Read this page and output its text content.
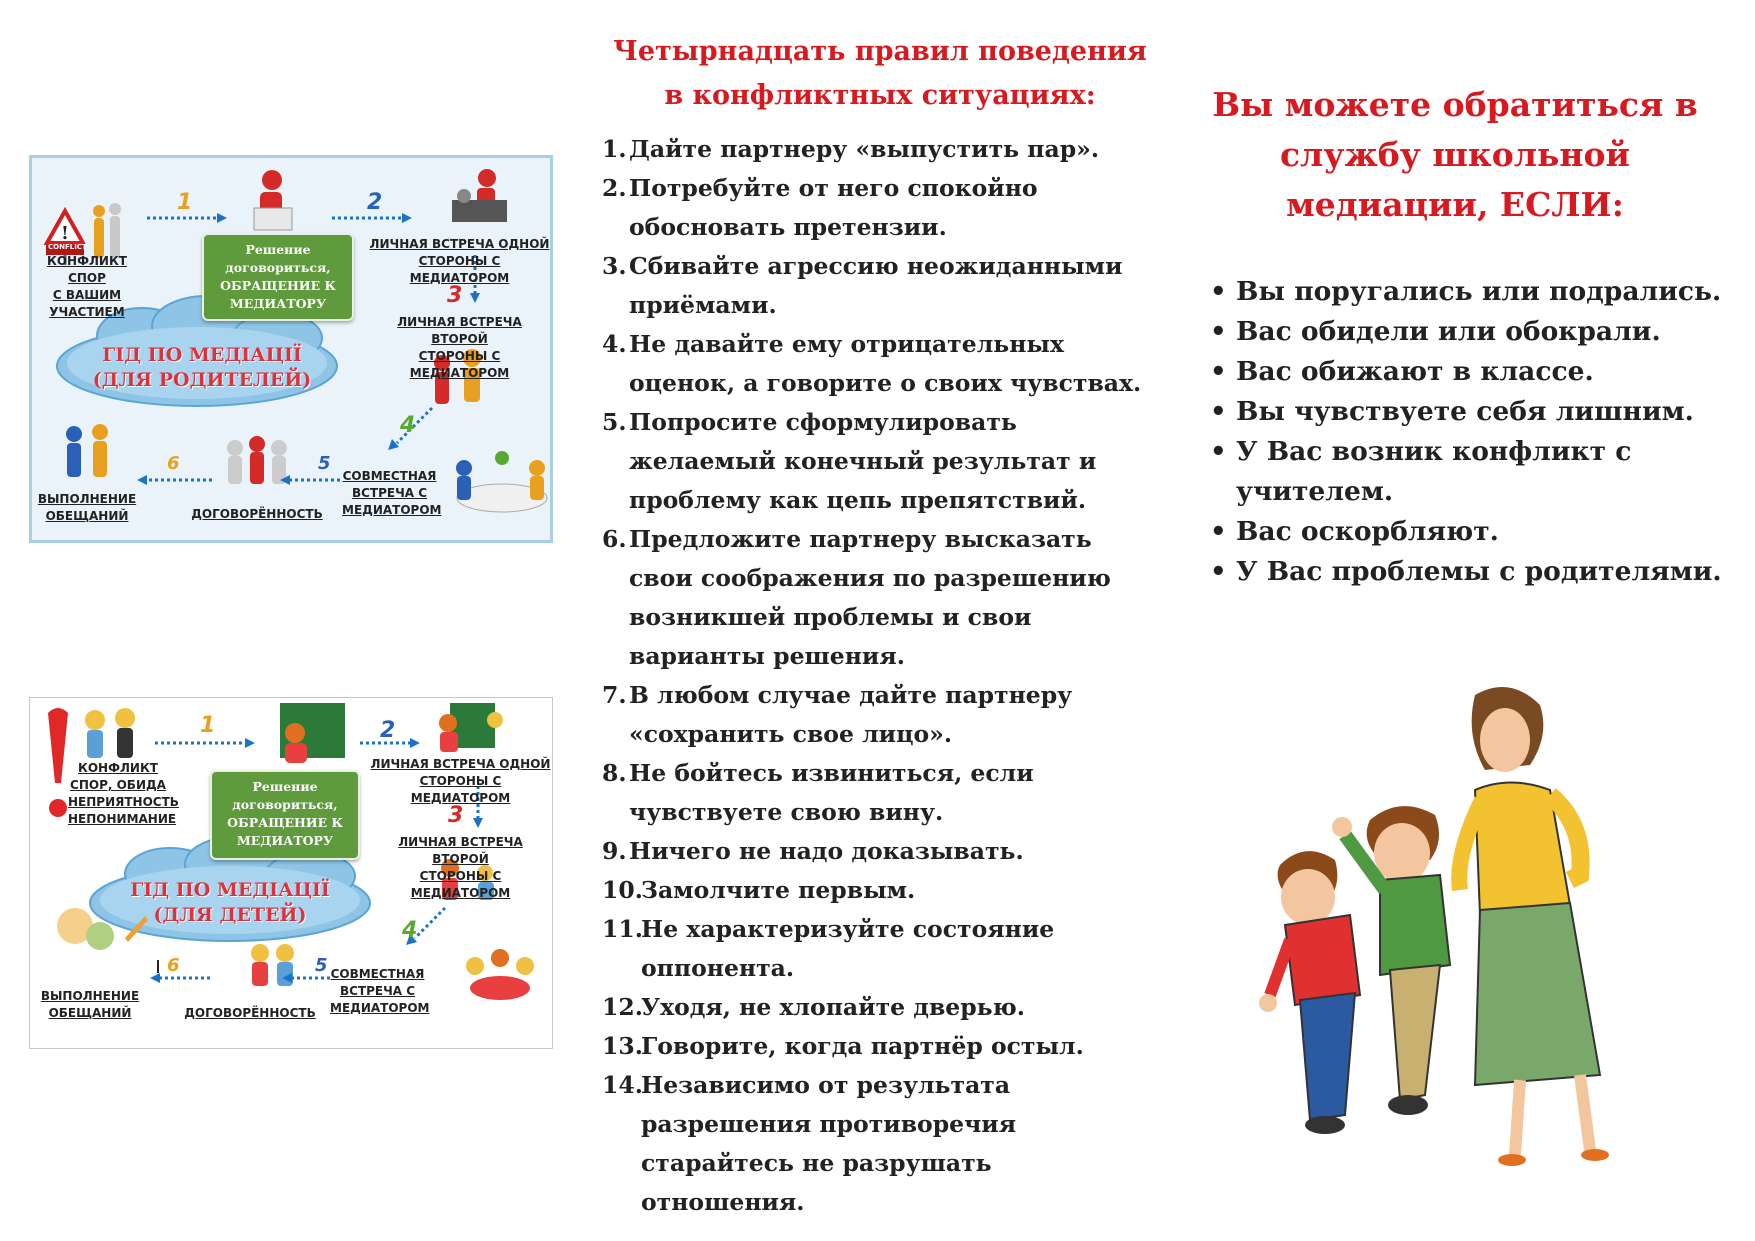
!
CONFLICT
1	2
3
4
5
6
Решение договориться, ОБРАЩЕНИЕ К МЕДИАТОРУ
ГІД ПО МЕДІАЦІЇ
(ДЛЯ РОДИТЕЛЕЙ)
КОНФЛИКТ
СПОР
С ВАШИМ
УЧАСТИЕМ
ЛИЧНАЯ ВСТРЕЧА ОДНОЙ
СТОРОНЫ С МЕДИАТОРОМ
ЛИЧНАЯ ВСТРЕЧА ВТОРОЙ
СТОРОНЫ С МЕДИАТОРОМ
СОВМЕСТНАЯ
ВСТРЕЧА С
МЕДИАТОРОМ
ДОГОВОРЁННОСТЬ
ВЫПОЛНЕНИЕ
ОБЕЩАНИЙ
1	2
3
4
5
6
Решение договориться, ОБРАЩЕНИЕ К МЕДИАТОРУ
ГІД ПО МЕДІАЦІЇ
(ДЛЯ ДЕТЕЙ)
КОНФЛИКТ
СПОР, ОБИДА
НЕПРИЯТНОСТЬ
НЕПОНИМАНИЕ
ЛИЧНАЯ ВСТРЕЧА ОДНОЙ
СТОРОНЫ С МЕДИАТОРОМ
ЛИЧНАЯ ВСТРЕЧА ВТОРОЙ
СТОРОНЫ С МЕДИАТОРОМ
СОВМЕСТНАЯ
ВСТРЕЧА С
МЕДИАТОРОМ
ДОГОВОРЁННОСТЬ
ВЫПОЛНЕНИЕ
ОБЕЩАНИЙ
Четырнадцать правил поведения в конфликтных ситуациях:
1. Дайте партнеру «выпустить пар».
2. Потребуйте от него спокойно обосновать претензии.
3. Сбивайте агрессию неожиданными приёмами.
4. Не давайте ему отрицательных оценок, а говорите о своих чувствах.
5. Попросите сформулировать желаемый конечный результат и проблему как цепь препятствий.
6. Предложите партнеру высказать свои соображения по разрешению возникшей проблемы и свои варианты решения.
7. В любом случае дайте партнеру «сохранить свое лицо».
8. Не бойтесь извиниться, если чувствуете свою вину.
9. Ничего не надо доказывать.
10.
Замолчите первым.
11.
Не характеризуйте состояние оппонента.
12.
Уходя, не хлопайте дверью.
13.
Говорите, когда партнёр остыл.
14.
Независимо от результата разрешения противоречия старайтесь не разрушать отношения.
Вы можете обратиться в службу школьной медиации, ЕСЛИ:
• Вы поругались или подрались.
• Вас обидели или обокрали.
• Вас обижают в классе.
• Вы чувствуете себя лишним.
• У Вас возник конфликт с учителем.
• Вас оскорбляют.
• У Вас проблемы с родителями.
